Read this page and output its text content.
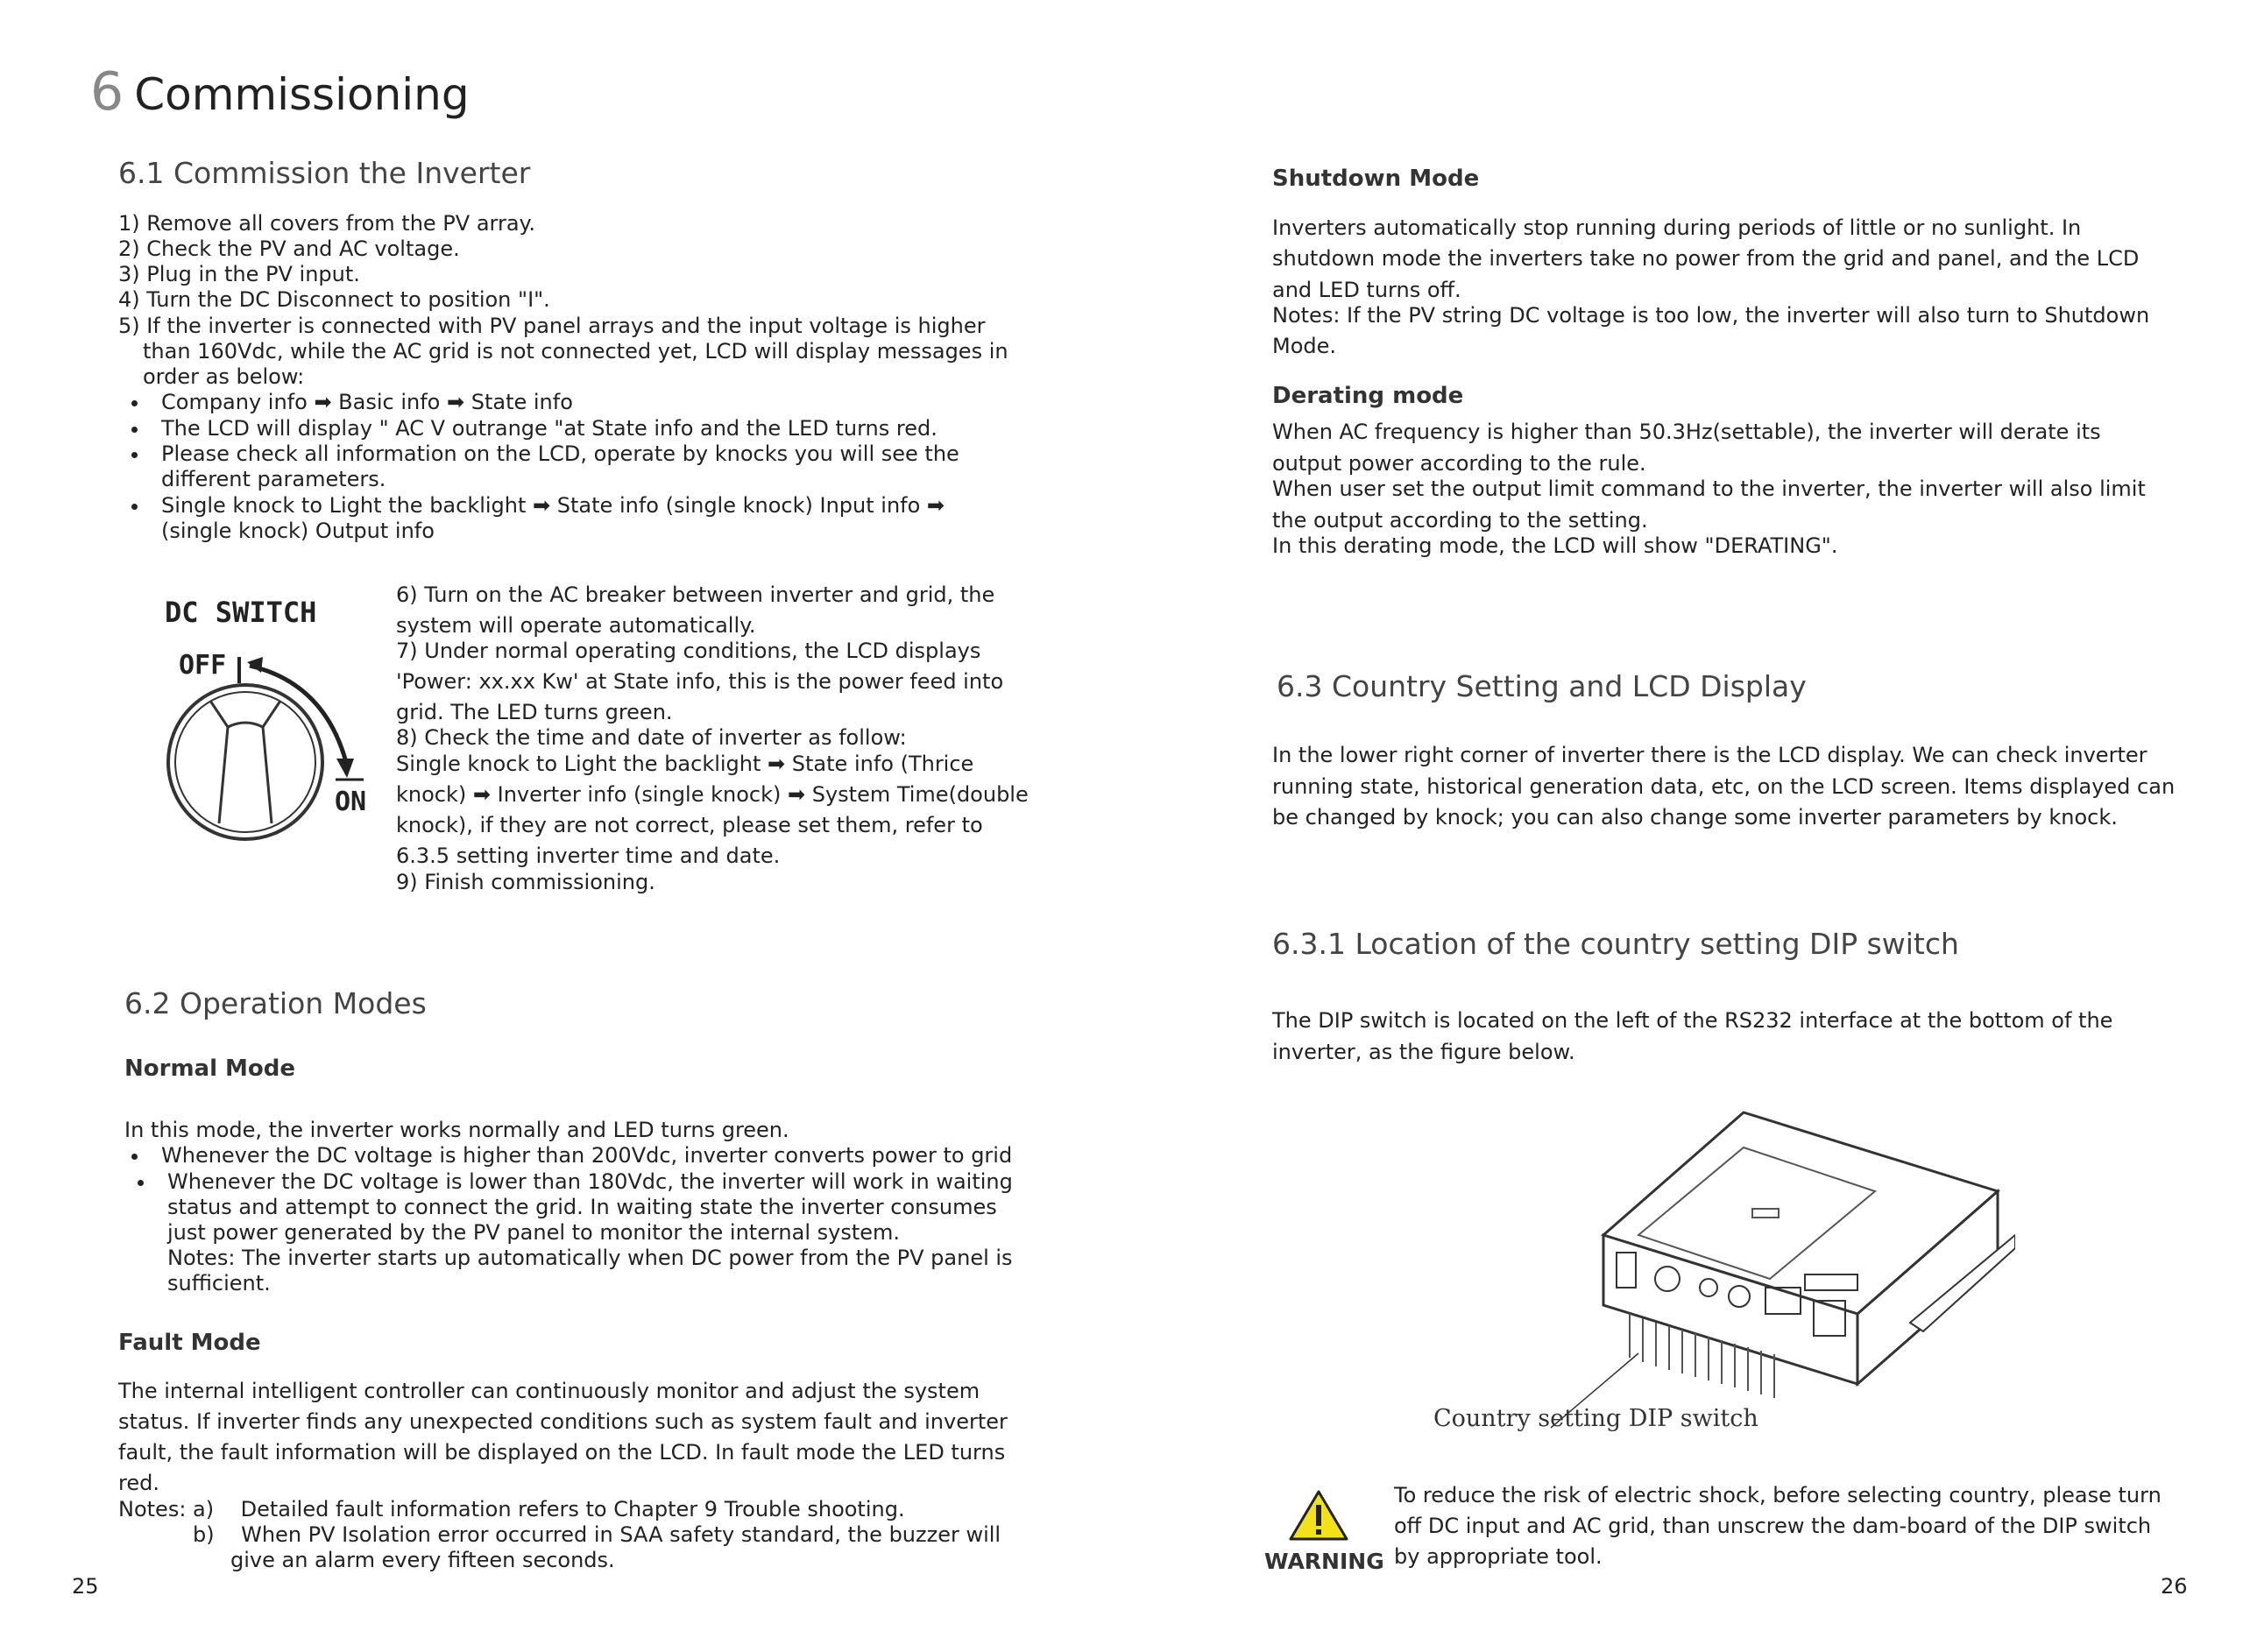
6 Commissioning
6.1 Commission the Inverter
1) Remove all covers from the PV array.
2) Check the PV and AC voltage.
3) Plug in the PV input.
4) Turn the DC Disconnect to position "I".
5) If the inverter is connected with PV panel arrays and the input voltage is higher
than 160Vdc, while the AC grid is not connected yet, LCD will display messages in
order as below:
Company info ➡ Basic info ➡ State info
The LCD will display " AC V outrange "at State info and the LED turns red.
Please check all information on the LCD, operate by knocks you will see the
different parameters.
Single knock to Light the backlight ➡ State info (single knock) Input info ➡
(single knock) Output info
DC SWITCH
OFF
ON
6) Turn on the AC breaker between inverter and grid, the
system will operate automatically.
7) Under normal operating conditions, the LCD displays
'Power: xx.xx Kw' at State info, this is the power feed into
grid. The LED turns green.
8) Check the time and date of inverter as follow:
Single knock to Light the backlight ➡ State info (Thrice
knock) ➡ Inverter info (single knock) ➡ System Time(double
knock), if they are not correct, please set them, refer to
6.3.5 setting inverter time and date.
9) Finish commissioning.
6.2 Operation Modes
Normal Mode
In this mode, the inverter works normally and LED turns green.
Whenever the DC voltage is higher than 200Vdc, inverter converts power to grid
Whenever the DC voltage is lower than 180Vdc, the inverter will work in waiting
status and attempt to connect the grid. In waiting state the inverter consumes
just power generated by the PV panel to monitor the internal system.
Notes: The inverter starts up automatically when DC power from the PV panel is
sufficient.
Fault Mode
The internal intelligent controller can continuously monitor and adjust the system
status. If inverter finds any unexpected conditions such as system fault and inverter
fault, the fault information will be displayed on the LCD. In fault mode the LED turns
red.
Notes: a)    Detailed fault information refers to Chapter 9 Trouble shooting.
b)    When PV Isolation error occurred in SAA safety standard, the buzzer will
give an alarm every fifteen seconds.
25
Shutdown Mode
Inverters automatically stop running during periods of little or no sunlight. In
shutdown mode the inverters take no power from the grid and panel, and the LCD
and LED turns off.
Notes: If the PV string DC voltage is too low, the inverter will also turn to Shutdown
Mode.
Derating mode
When AC frequency is higher than 50.3Hz(settable), the inverter will derate its
output power according to the rule.
When user set the output limit command to the inverter, the inverter will also limit
the output according to the setting.
In this derating mode, the LCD will show "DERATING".
6.3 Country Setting and LCD Display
In the lower right corner of inverter there is the LCD display. We can check inverter
running state, historical generation data, etc, on the LCD screen. Items displayed can
be changed by knock; you can also change some inverter parameters by knock.
6.3.1 Location of the country setting DIP switch
The DIP switch is located on the left of the RS232 interface at the bottom of the
inverter, as the figure below.
Country setting DIP switch
WARNING
To reduce the risk of electric shock, before selecting country, please turn
off DC input and AC grid, than unscrew the dam-board of the DIP switch
by appropriate tool.
26
